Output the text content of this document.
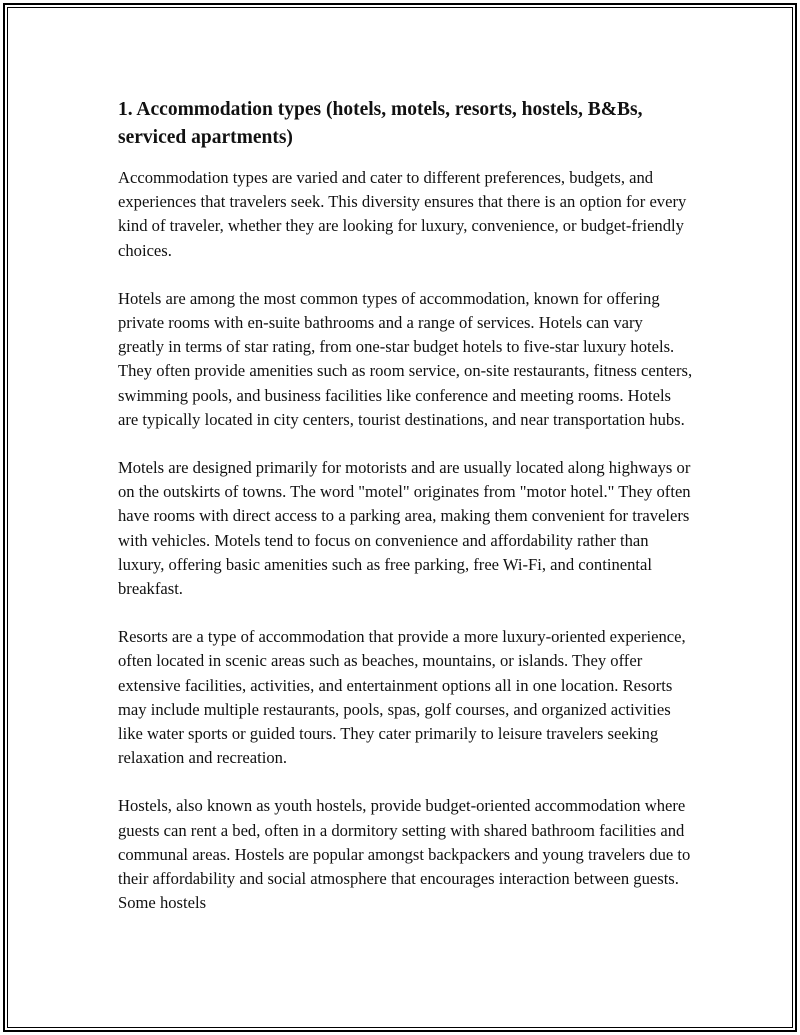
1. Accommodation types (hotels, motels, resorts, hostels, B&Bs, serviced apartments)

Accommodation types are varied and cater to different preferences, budgets, and experiences that travelers seek. This diversity ensures that there is an option for every kind of traveler, whether they are looking for luxury, convenience, or budget-friendly choices.

Hotels are among the most common types of accommodation, known for offering private rooms with en-suite bathrooms and a range of services. Hotels can vary greatly in terms of star rating, from one-star budget hotels to five-star luxury hotels. They often provide amenities such as room service, on-site restaurants, fitness centers, swimming pools, and business facilities like conference and meeting rooms. Hotels are typically located in city centers, tourist destinations, and near transportation hubs.

Motels are designed primarily for motorists and are usually located along highways or on the outskirts of towns. The word "motel" originates from "motor hotel." They often have rooms with direct access to a parking area, making them convenient for travelers with vehicles. Motels tend to focus on convenience and affordability rather than luxury, offering basic amenities such as free parking, free Wi-Fi, and continental breakfast.

Resorts are a type of accommodation that provide a more luxury-oriented experience, often located in scenic areas such as beaches, mountains, or islands. They offer extensive facilities, activities, and entertainment options all in one location. Resorts may include multiple restaurants, pools, spas, golf courses, and organized activities like water sports or guided tours. They cater primarily to leisure travelers seeking relaxation and recreation.

Hostels, also known as youth hostels, provide budget-oriented accommodation where guests can rent a bed, often in a dormitory setting with shared bathroom facilities and communal areas. Hostels are popular amongst backpackers and young travelers due to their affordability and social atmosphere that encourages interaction between guests. Some hostels
